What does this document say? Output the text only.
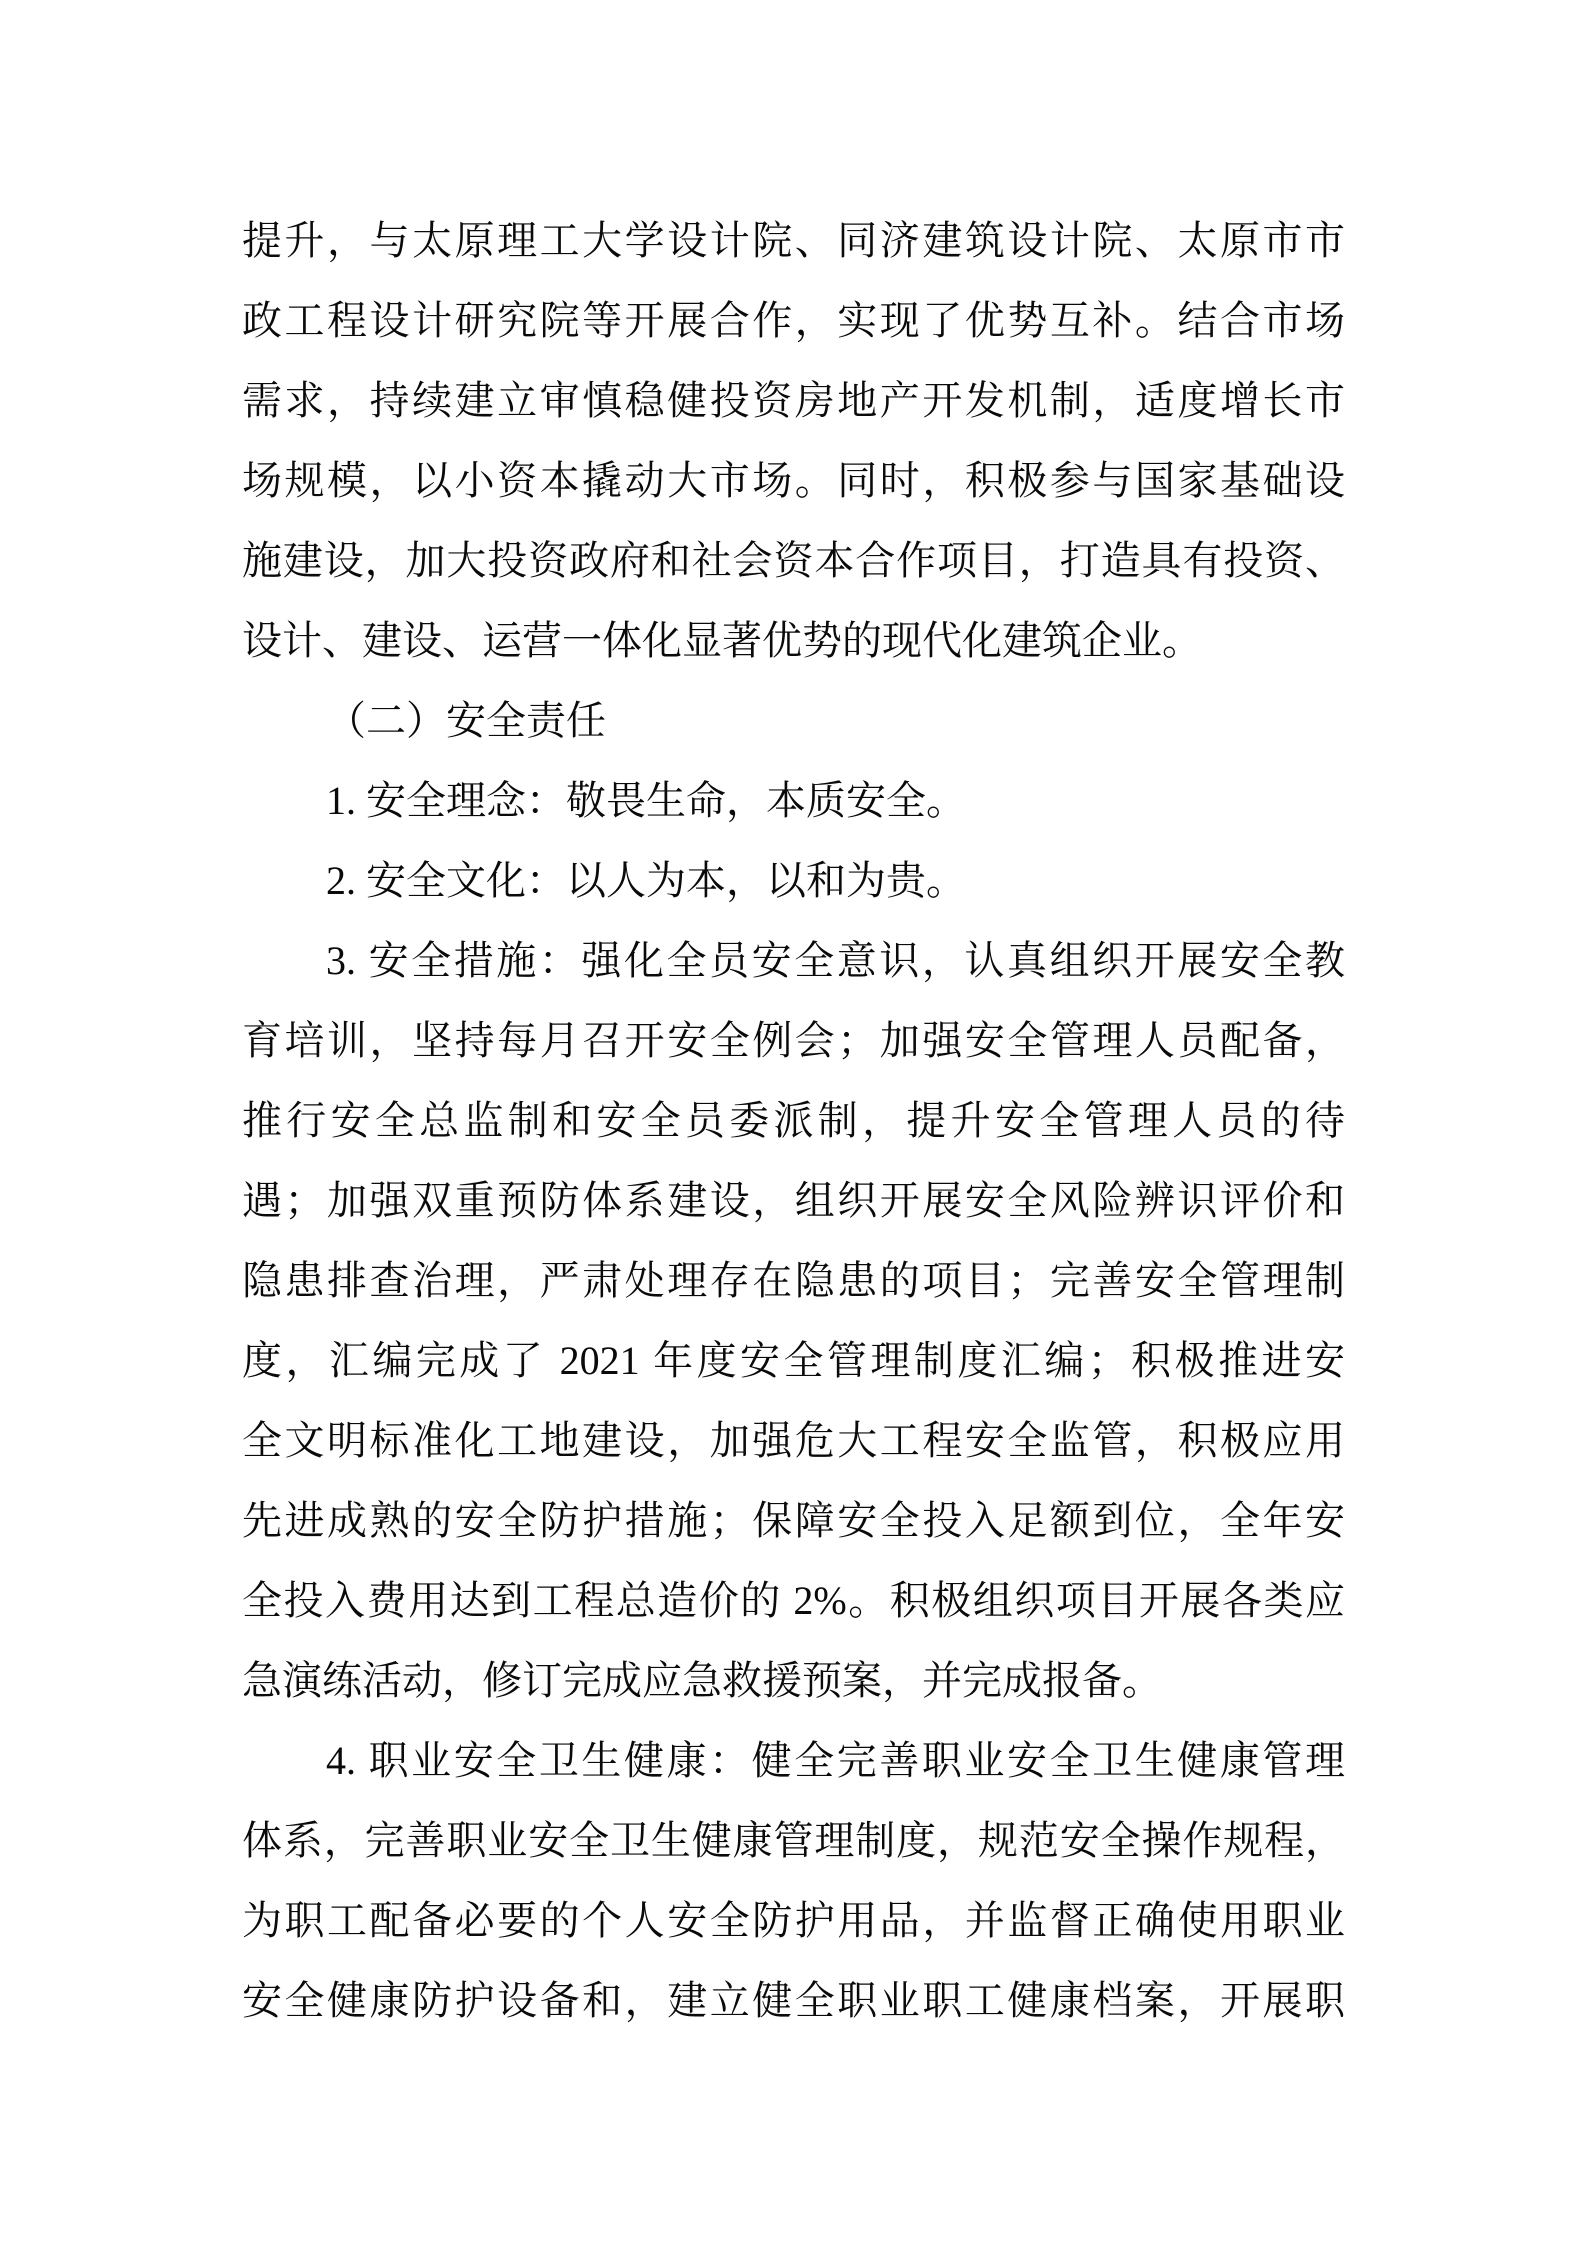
提升，与太原理工大学设计院、同济建筑设计院、太原市市
政工程设计研究院等开展合作，实现了优势互补。结合市场
需求，持续建立审慎稳健投资房地产开发机制，适度增长市
场规模，以小资本撬动大市场。同时，积极参与国家基础设
施建设，加大投资政府和社会资本合作项目，打造具有投资、
设计、建设、运营一体化显著优势的现代化建筑企业。
（二）安全责任
1. 安全理念：敬畏生命，本质安全。
2. 安全文化：以人为本，以和为贵。
3. 安全措施：强化全员安全意识，认真组织开展安全教
育培训，坚持每月召开安全例会；加强安全管理人员配备，
推行安全总监制和安全员委派制，提升安全管理人员的待
遇；加强双重预防体系建设，组织开展安全风险辨识评价和
隐患排查治理，严肃处理存在隐患的项目；完善安全管理制
度，汇编完成了 2021 年度安全管理制度汇编；积极推进安
全文明标准化工地建设，加强危大工程安全监管，积极应用
先进成熟的安全防护措施；保障安全投入足额到位，全年安
全投入费用达到工程总造价的 2%。积极组织项目开展各类应
急演练活动，修订完成应急救援预案，并完成报备。
4. 职业安全卫生健康：健全完善职业安全卫生健康管理
体系，完善职业安全卫生健康管理制度，规范安全操作规程，
为职工配备必要的个人安全防护用品，并监督正确使用职业
安全健康防护设备和，建立健全职业职工健康档案，开展职
